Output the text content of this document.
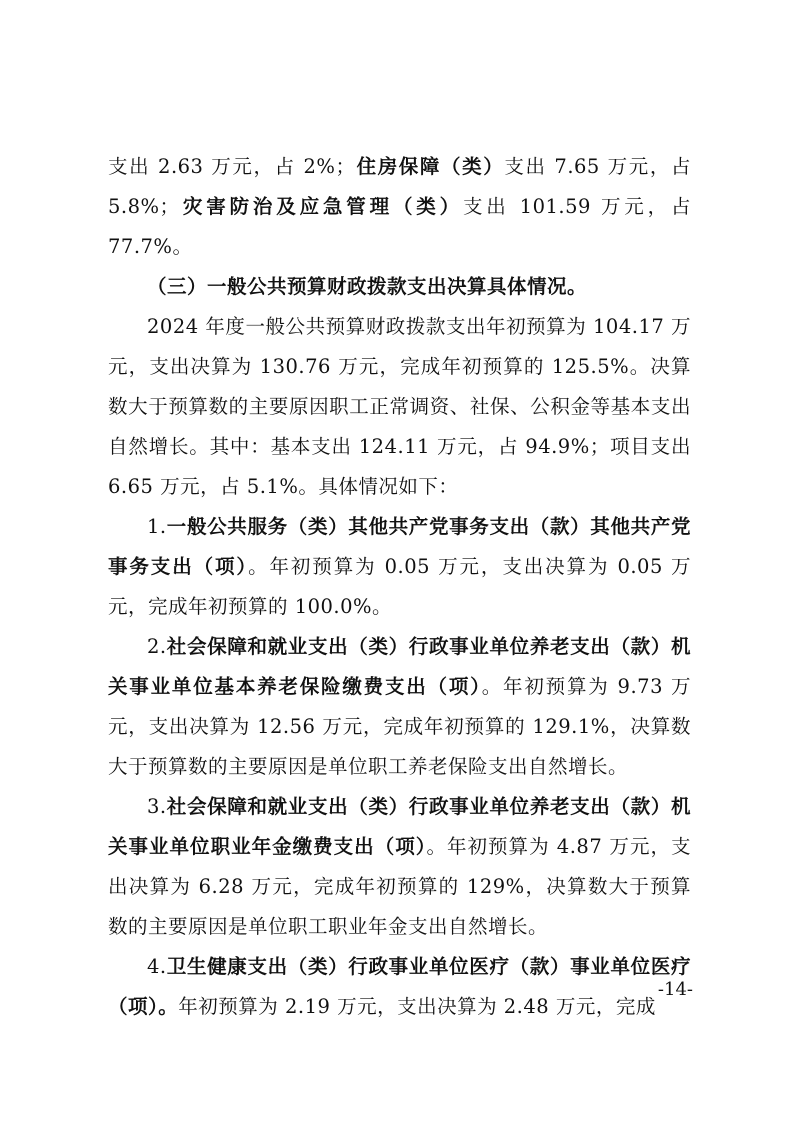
支出 2.63 万元，占 2%；住房保障（类）支出 7.65 万元，占 5.8%；灾害防治及应急管理（类）支出 101.59 万元，占 77.7%。

（三）一般公共预算财政拨款支出决算具体情况。

2024 年度一般公共预算财政拨款支出年初预算为 104.17 万元，支出决算为 130.76 万元，完成年初预算的 125.5%。决算数大于预算数的主要原因职工正常调资、社保、公积金等基本支出自然增长。其中：基本支出 124.11 万元，占 94.9%；项目支出 6.65 万元，占 5.1%。具体情况如下：

1.一般公共服务（类）其他共产党事务支出（款）其他共产党事务支出（项）。年初预算为 0.05 万元，支出决算为 0.05 万元，完成年初预算的 100.0%。

2.社会保障和就业支出（类）行政事业单位养老支出（款）机关事业单位基本养老保险缴费支出（项）。年初预算为 9.73 万元，支出决算为 12.56 万元，完成年初预算的 129.1%，决算数大于预算数的主要原因是单位职工养老保险支出自然增长。

3.社会保障和就业支出（类）行政事业单位养老支出（款）机关事业单位职业年金缴费支出（项）。年初预算为 4.87 万元，支出决算为 6.28 万元，完成年初预算的 129%，决算数大于预算数的主要原因是单位职工职业年金支出自然增长。

4.卫生健康支出（类）行政事业单位医疗（款）事业单位医疗（项）。年初预算为 2.19 万元，支出决算为 2.48 万元，完成

-14-
